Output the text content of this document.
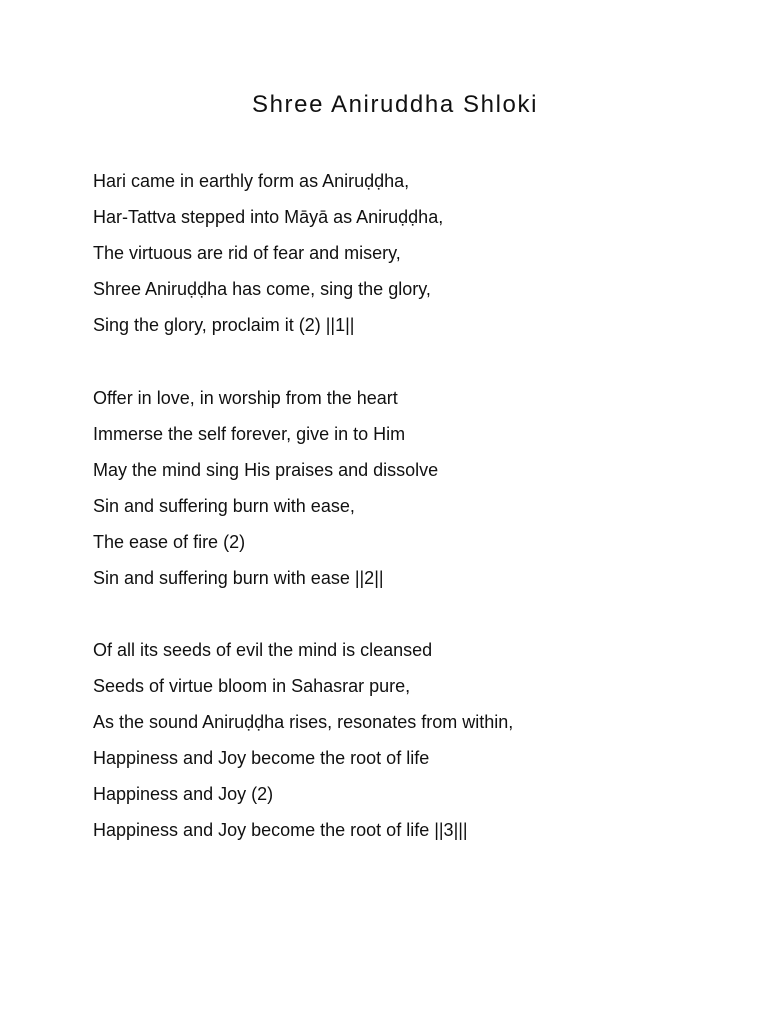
Shree Aniruddha Shloki
Hari came in earthly form as Aniruḍḍha,
Har-Tattva stepped into Māyā as Aniruḍḍha,
The virtuous are rid of fear and misery,
Shree Aniruḍḍha has come, sing the glory,
Sing the glory, proclaim it (2) ||1||
Offer in love, in worship from the heart
Immerse the self forever, give in to Him
May the mind sing His praises and dissolve
Sin and suffering burn with ease,
The ease of fire (2)
Sin and suffering burn with ease ||2||
Of all its seeds of evil the mind is cleansed
Seeds of virtue bloom in Sahasrar pure,
As the sound Aniruḍḍha rises, resonates from within,
Happiness and Joy become the root of life
Happiness and Joy (2)
Happiness and Joy become the root of life ||3|||
